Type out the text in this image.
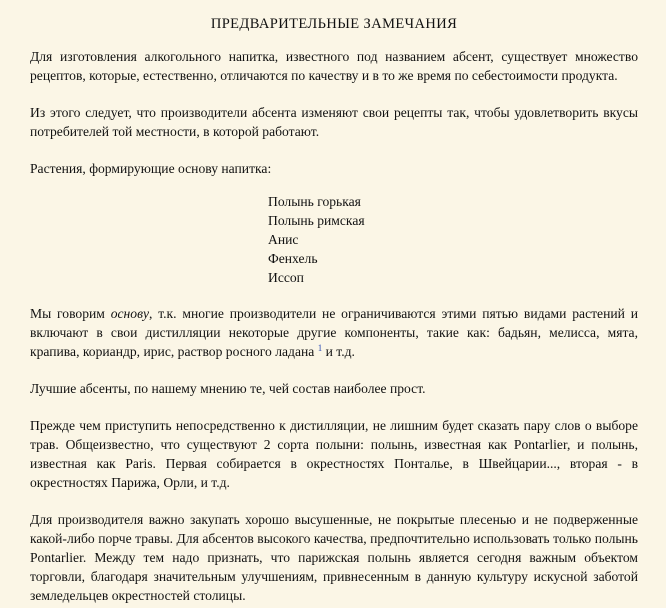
ПРЕДВАРИТЕЛЬНЫЕ ЗАМЕЧАНИЯ

Для изготовления алкогольного напитка, известного под названием абсент, существует множество рецептов, которые, естественно, отличаются по качеству и в то же время по себестоимости продукта.

Из этого следует, что производители абсента изменяют свои рецепты так, чтобы удовлетворить вкусы потребителей той местности, в которой работают.

Растения, формирующие основу напитка:

Полынь горькая
Полынь римская
Анис
Фенхель
Иссоп

Мы говорим основу, т.к. многие производители не ограничиваются этими пятью видами растений и включают в свои дистилляции некоторые другие компоненты, такие как: бадьян, мелисса, мята, крапива, кориандр, ирис, раствор росного ладана $^1$ и т.д.

Лучшие абсенты, по нашему мнению те, чей состав наиболее прост.

Прежде чем приступить непосредственно к дистилляции, не лишним будет сказать пару слов о выборе трав. Общеизвестно, что существуют 2 сорта полыни: полынь, известная как Pontarlier, и полынь, известная как Paris. Первая собирается в окрестностях Понтальe, в Швейцарии..., вторая - в окрестностях Парижа, Орли, и т.д.

Для производителя важно закупать хорошо высушенные, не покрытые плесенью и не подверженные какой-либо порче травы. Для абсентов высокого качества, предпочтительно использовать только полынь Pontarlier. Между тем надо признать, что парижская полынь является сегодня важным объектом торговли, благодаря значительным улучшениям, привнесенным в данную культуру искусной заботой земледельцев окрестностей столицы.
